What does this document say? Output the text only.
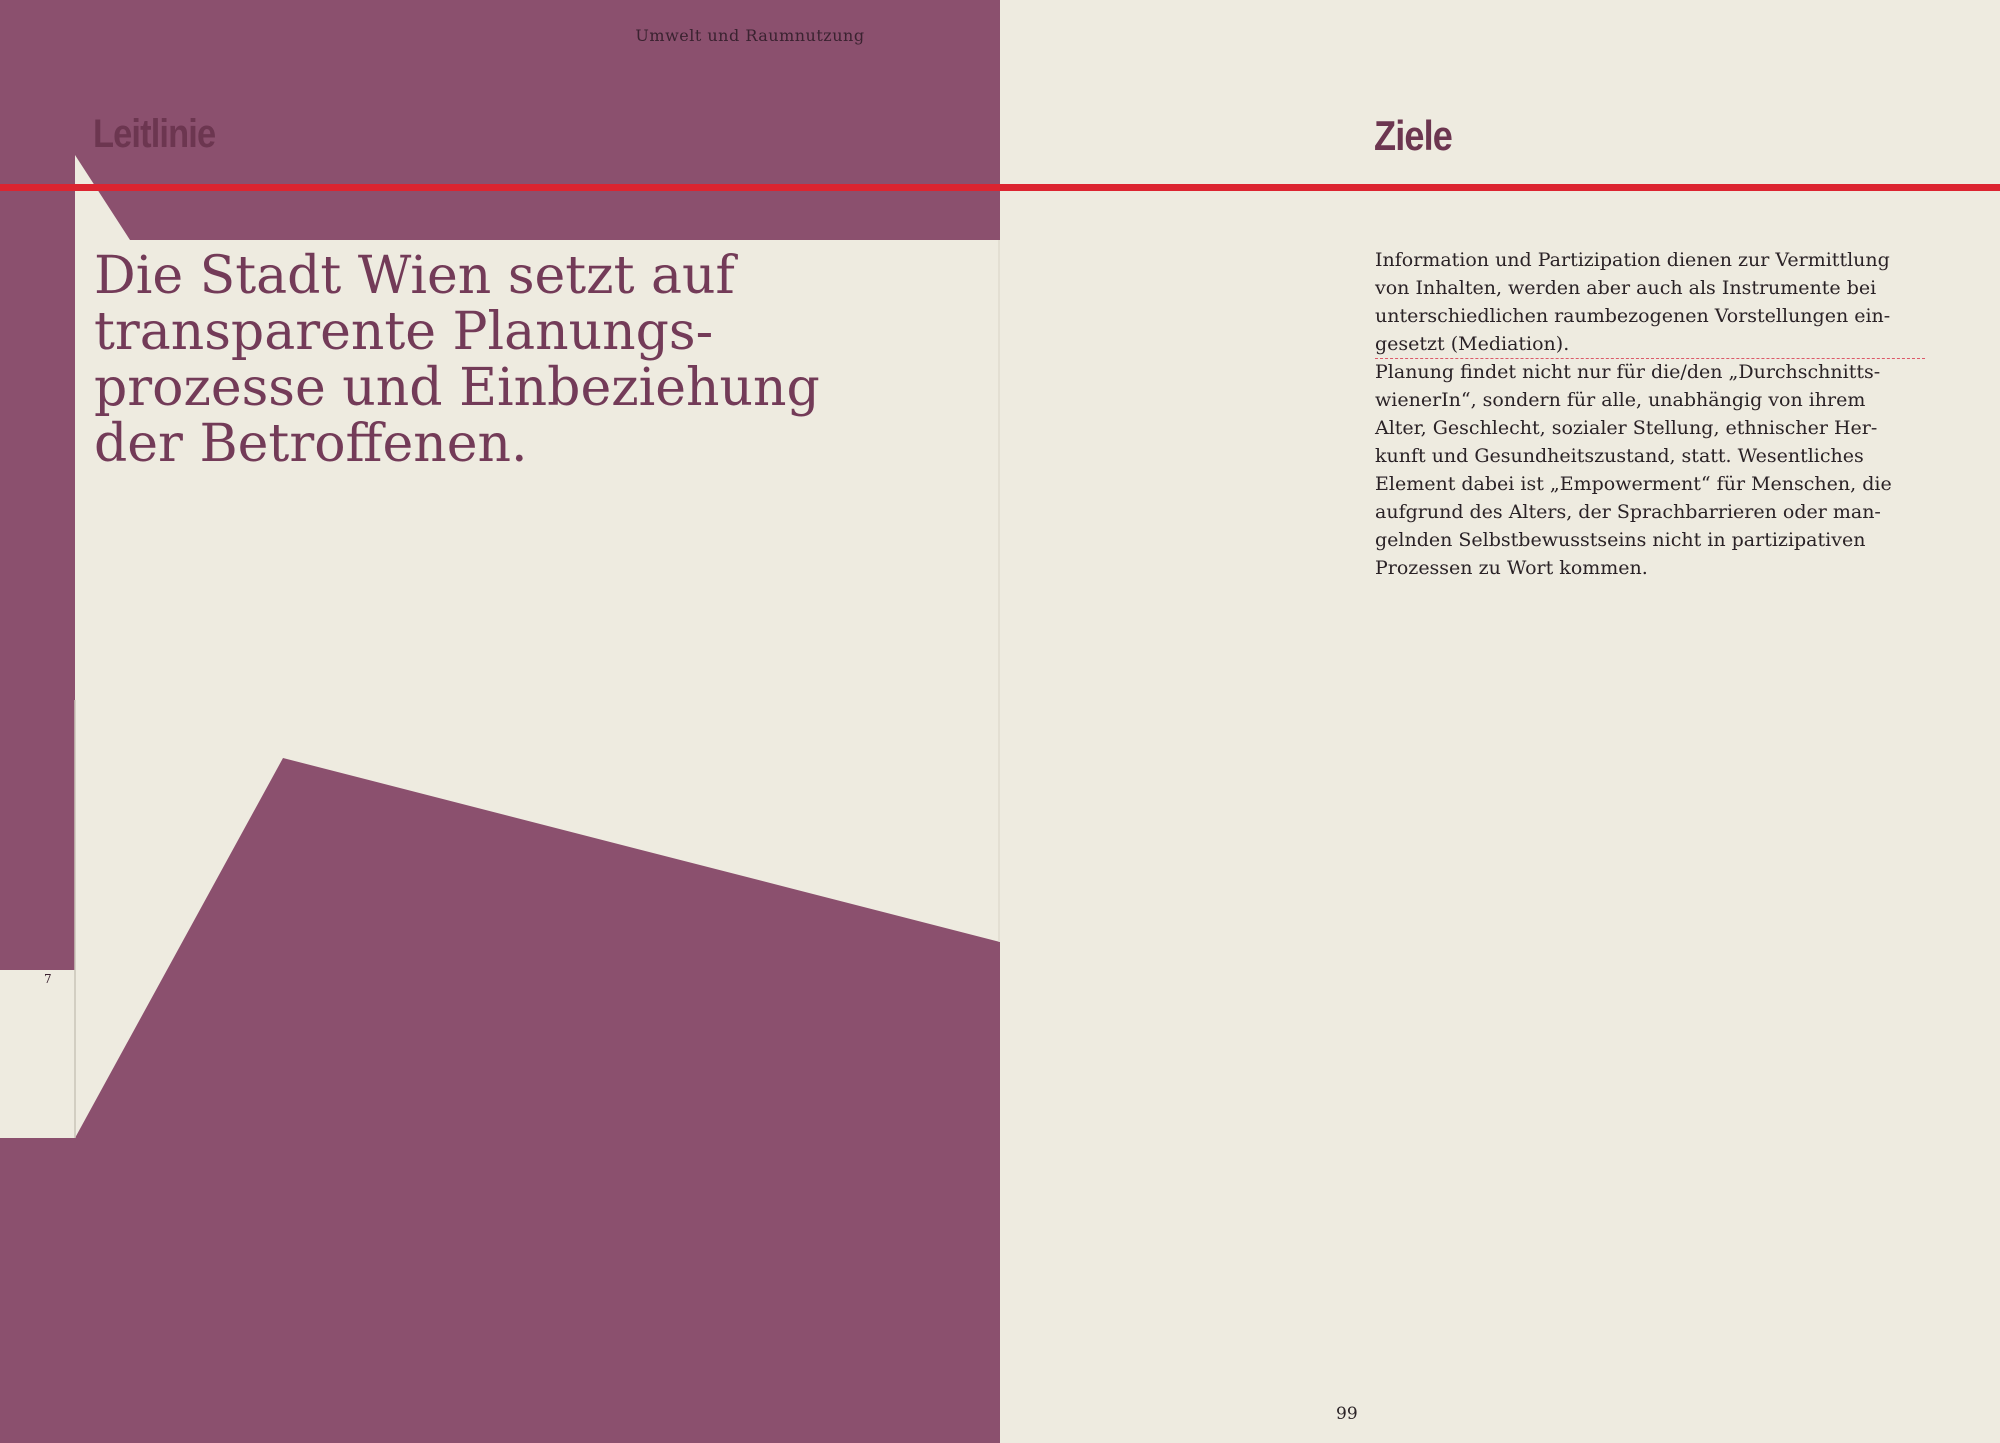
Umwelt und Raumnutzung
Leitlinie
Die Stadt Wien setzt auf
transparente Planungs-
prozesse und Einbeziehung
der Betroffenen.
7
Ziele
Information und Partizipation dienen zur Vermittlung
von Inhalten, werden aber auch als Instrumente bei
unterschiedlichen raumbezogenen Vorstellungen ein-
gesetzt (Mediation).
Planung findet nicht nur für die/den „Durchschnitts-
wienerIn“, sondern für alle, unabhängig von ihrem
Alter, Geschlecht, sozialer Stellung, ethnischer Her-
kunft und Gesundheitszustand, statt. Wesentliches
Element dabei ist „Empowerment“ für Menschen, die
aufgrund des Alters, der Sprachbarrieren oder man-
gelnden Selbstbewusstseins nicht in partizipativen
Prozessen zu Wort kommen.
99
